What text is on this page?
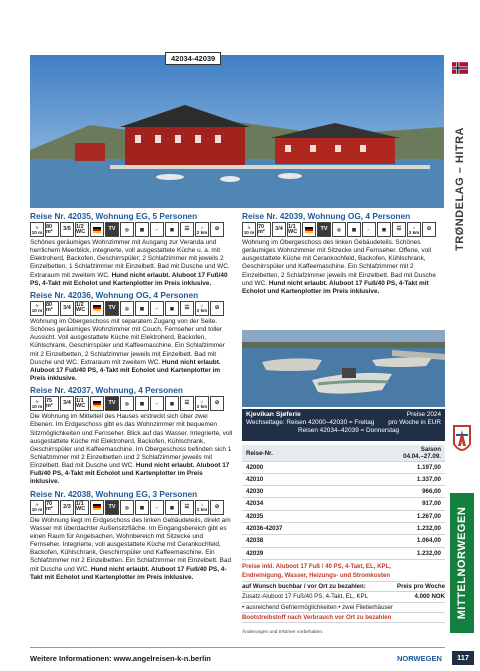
42034-42039
TRØNDELAG – HITRA
MITTELNORWEGEN
Reise Nr. 42035, Wohnung EG, 5 Personen
≈
10 m
80 m²	3/5 1/2 WC	TV ◎ ▦ ⌐ ▣ ☰ ⌂
2 km ⊘

Schönes geräumiges Wohnzimmer mit Ausgang zur Veranda und herrlichem Meerblick, integrierte, voll ausgestattete Küche u. a. mit Elektroherd, Backofen, Geschirrspüler; 2 Schlafzimmer mit jeweils 2 Einzelbetten, 1 Schlafzimmer mit Einzelbett. Bad mit Dusche und WC. Extraraum mit zweitem WC. Hund nicht erlaubt. Aluboot 17 Fuß/40 PS, 4-Takt mit Echolot und Kartenplotter im Preis inklusive.

Reise Nr. 42036, Wohnung OG, 4 Personen
≈
10 m
80 m²	3/4 1/2 WC	TV ◎ ▦ ⌐ ▣ ☰ ⌂
2 km ⊘

Wohnung im Obergeschoss mit separatem Zugang von der Seite. Schönes geräumiges Wohnzimmer mit Couch, Fernseher und toller Aussicht. Voll ausgestattete Küche mit Elektroherd, Backofen, Kühlschrank, Geschirrspüler und Kaffeemaschine. Ein Schlafzimmer mit 2 Einzelbetten, 2 Schlafzimmer jeweils mit Einzelbett. Bad mit Dusche und WC. Extraraum mit zweitem WC. Hund nicht erlaubt. Aluboot 17 Fuß/40 PS, 4-Takt mit Echolot und Kartenplotter im Preis inklusive.

Reise Nr. 42037, Wohnung, 4 Personen
≈
10 m
75 m²	3/4 1/1 WC	TV ◎ ▦ ⌐ ▣ ☰ ⌂
2 km ⊘

Die Wohnung im Mittelteil des Hauses erstreckt sich über zwei Ebenen. Im Erdgeschoss gibt es das Wohnzimmer mit bequemen Sitzmöglichkeiten und Fernseher. Blick auf das Wasser. Integrierte, voll ausgestattete Küche mit Elektroherd, Backofen, Kühlschrank, Geschirrspüler und Kaffeemaschine. Im Obergeschoss befinden sich 1 Schlafzimmer mit 2 Einzelbetten und 2 Schlafzimmer jeweils mit Einzelbett. Bad mit Dusche und WC. Hund nicht erlaubt. Aluboot 17 Fuß/40 PS, 4-Takt mit Echolot und Kartenplotter im Preis inklusive.

Reise Nr. 42038, Wohnung EG, 3 Personen
≈
10 m
70 m²	2/3 1/1 WC	TV ◎ ▦ ⌐ ▣ ☰ ⌂
2 km ⊘

Die Wohnung liegt im Erdgeschoss des linken Gebäudeteils, direkt am Wasser mit überdachter Außensitzfläche. Im Eingangsbereich gibt es einen Raum für Angelsachen. Wohnbereich mit Sitzecke und Fernseher. Integrierte, voll ausgestattete Küche mit Cerankochfeld, Backofen, Kühlschrank, Geschirrspüler und Kaffeemaschine. Ein Schlafzimmer mit 2 Einzelbetten. Ein Schlafzimmer mit Einzelbett. Bad mit Dusche und WC. Hund nicht erlaubt. Aluboot 17 Fuß/40 PS, 4-Takt mit Echolot und Kartenplotter im Preis inklusive.

Reise Nr. 42039, Wohnung OG, 4 Personen
≈
10 m
70 m²	3/4 1/1 WC	TV ◎ ▦ ⌐ ▣ ☰ ⌂
2 km ⊘

Wohnung im Obergeschoss des linken Gebäudeteils. Schönes geräumiges Wohnzimmer mit Sitzecke und Fernseher. Offene, voll ausgestattete Küche mit Cerankochfeld, Backofen, Kühlschrank, Geschirrspüler und Kaffeemaschine. Ein Schlafzimmer mit 2 Einzelbetten, 2 Schlafzimmer jeweils mit Einzelbett. Bad mit Dusche und WC. Hund nicht erlaubt. Aluboot 17 Fuß/40 PS, 4-Takt mit Echolot und Kartenplotter im Preis inklusive.

Kjevikan Sjøferie	Preise 2024
Wechseltage: Reisen 42000–42030 = Freitag pro Woche in EUR
Reisen 42034–42039 = Donnerstag
Reise-Nr.	Saison
04.04.–27.09.
42000	1.197,00
42010	1.337,00
42030	966,00
42034	917,00
42035	1.267,00
42036-42037	1.232,00
42038	1.064,00
42039	1.232,00
Preise inkl. Aluboot 17 Fuß / 40 PS, 4-Takt, EL, KPL,
Endreinigung, Wasser, Heizungs- und Stromkosten
auf Wunsch buchbar / vor Ort zu bezahlen:	Preis pro Woche
Zusatz-Aluboot 17 Fuß/40 PS, 4-Takt, EL, KPL	4.000 NOK
• ausreichend Gefriermöglichkeiten • zwei Filetierhäuser
Bootstreibstoff nach Verbrauch vor Ort zu bezahlen
Änderungen und Irrtümer vorbehalten.
Weitere Informationen: www.angelreisen-k-n.berlin	NORWEGEN	117
